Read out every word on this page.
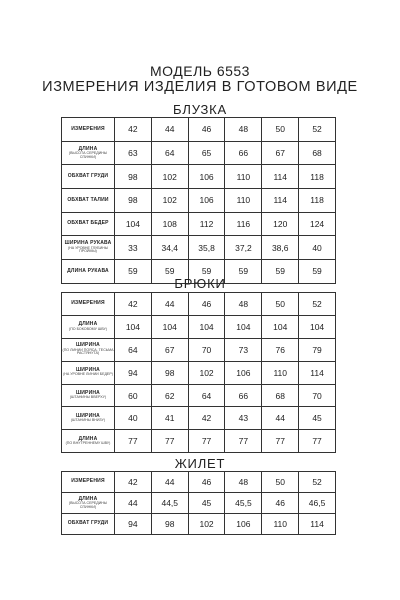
МОДЕЛЬ 6553
ИЗМЕРЕНИЯ ИЗДЕЛИЯ В ГОТОВОМ ВИДЕ
БЛУЗКА
ИЗМЕРЕНИЯ	42	44	46	48	50	52

ДЛИНА
(ВЫСОТА СЕРЕДИНЫ СПИНКИ)	63	64	65	66	67	68

ОБХВАТ ГРУДИ	98	102	106	110	114	118

ОБХВАТ ТАЛИИ	98	102	106	110	114	118

ОБХВАТ БЕДЕР	104	108	112	116	120	124

ШИРИНА РУКАВА
(НА УРОВНЕ ГЛУБИНЫ ПРОЙМЫ)	33	34,4	35,8	37,2	38,6	40

ДЛИНА РУКАВА	59	59	59	59	59	59
БРЮКИ
ИЗМЕРЕНИЯ	42	44	46	48	50	52

ДЛИНА
(ПО БОКОВОМУ ШВУ)	104	104	104	104	104	104

ШИРИНА
(ПО ЛИНИИ ПОЯСА, ТЕСЬМА РАСТЯНУТА)	64	67	70	73	76	79

ШИРИНА
(НА УРОВНЕ ЛИНИИ БЕДЕР)	94	98	102	106	110	114

ШИРИНА
(ШТАНИНЫ ВВЕРХУ)	60	62	64	66	68	70

ШИРИНА
(ШТАНИНЫ ВНИЗУ)	40	41	42	43	44	45

ДЛИНА
(ПО ВНУТРЕННЕМУ ШВУ)	77	77	77	77	77	77
ЖИЛЕТ
ИЗМЕРЕНИЯ	42	44	46	48	50	52

ДЛИНА
(ВЫСОТА СЕРЕДИНЫ СПИНКИ)	44	44,5	45	45,5	46	46,5

ОБХВАТ ГРУДИ	94	98	102	106	110	114
